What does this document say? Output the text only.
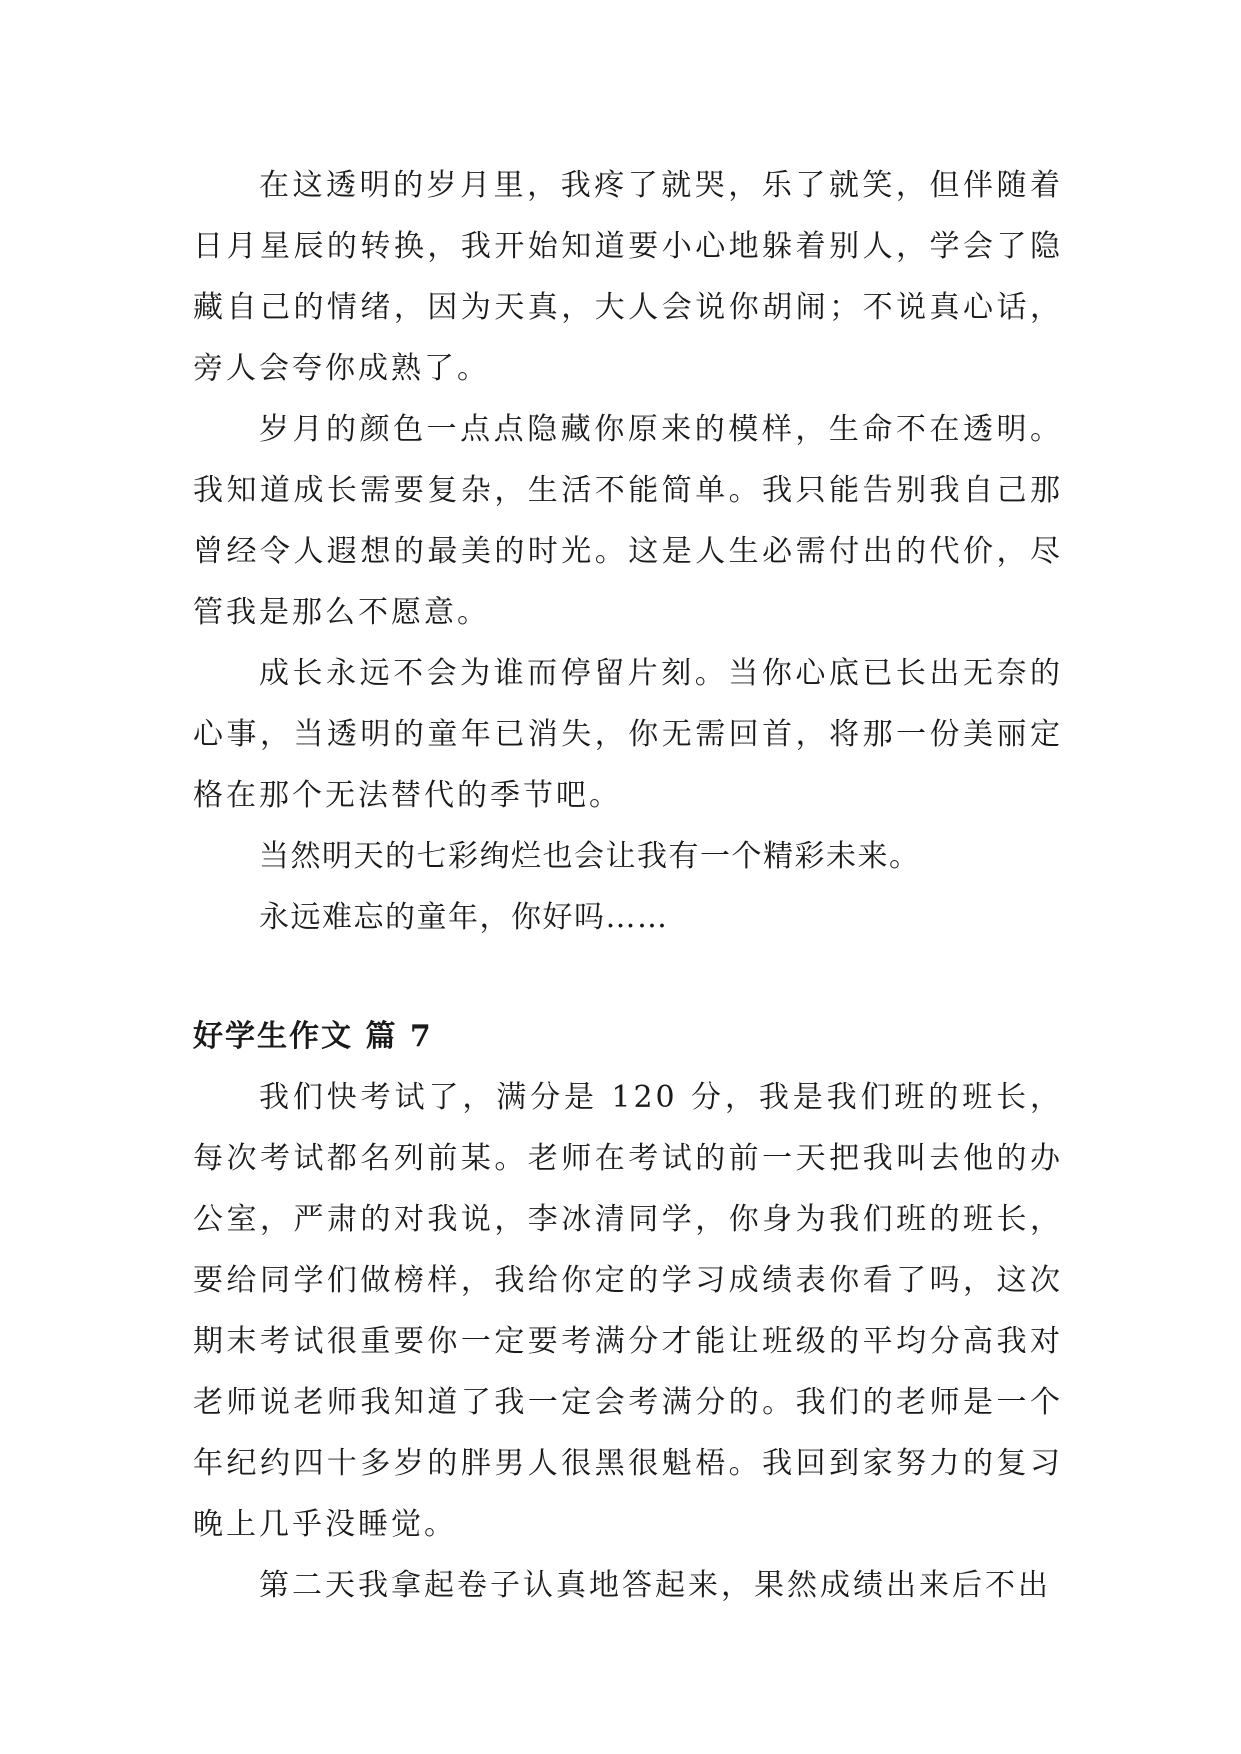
在这透明的岁月里，我疼了就哭，乐了就笑，但伴随着日月星辰的转换，我开始知道要小心地躲着别人，学会了隐藏自己的情绪，因为天真，大人会说你胡闹；不说真心话，旁人会夸你成熟了。

岁月的颜色一点点隐藏你原来的模样，生命不在透明。我知道成长需要复杂，生活不能简单。我只能告别我自己那曾经令人遐想的最美的时光。这是人生必需付出的代价，尽管我是那么不愿意。

成长永远不会为谁而停留片刻。当你心底已长出无奈的心事，当透明的童年已消失，你无需回首，将那一份美丽定格在那个无法替代的季节吧。

当然明天的七彩绚烂也会让我有一个精彩未来。

永远难忘的童年，你好吗……

好学生作文 篇 7

我们快考试了，满分是 120 分，我是我们班的班长，每次考试都名列前某。老师在考试的前一天把我叫去他的办公室，严肃的对我说，李冰清同学，你身为我们班的班长，要给同学们做榜样，我给你定的学习成绩表你看了吗，这次期末考试很重要你一定要考满分才能让班级的平均分高我对老师说老师我知道了我一定会考满分的。我们的老师是一个年纪约四十多岁的胖男人很黑很魁梧。我回到家努力的复习晚上几乎没睡觉。

第二天我拿起卷子认真地答起来，果然成绩出来后不出
